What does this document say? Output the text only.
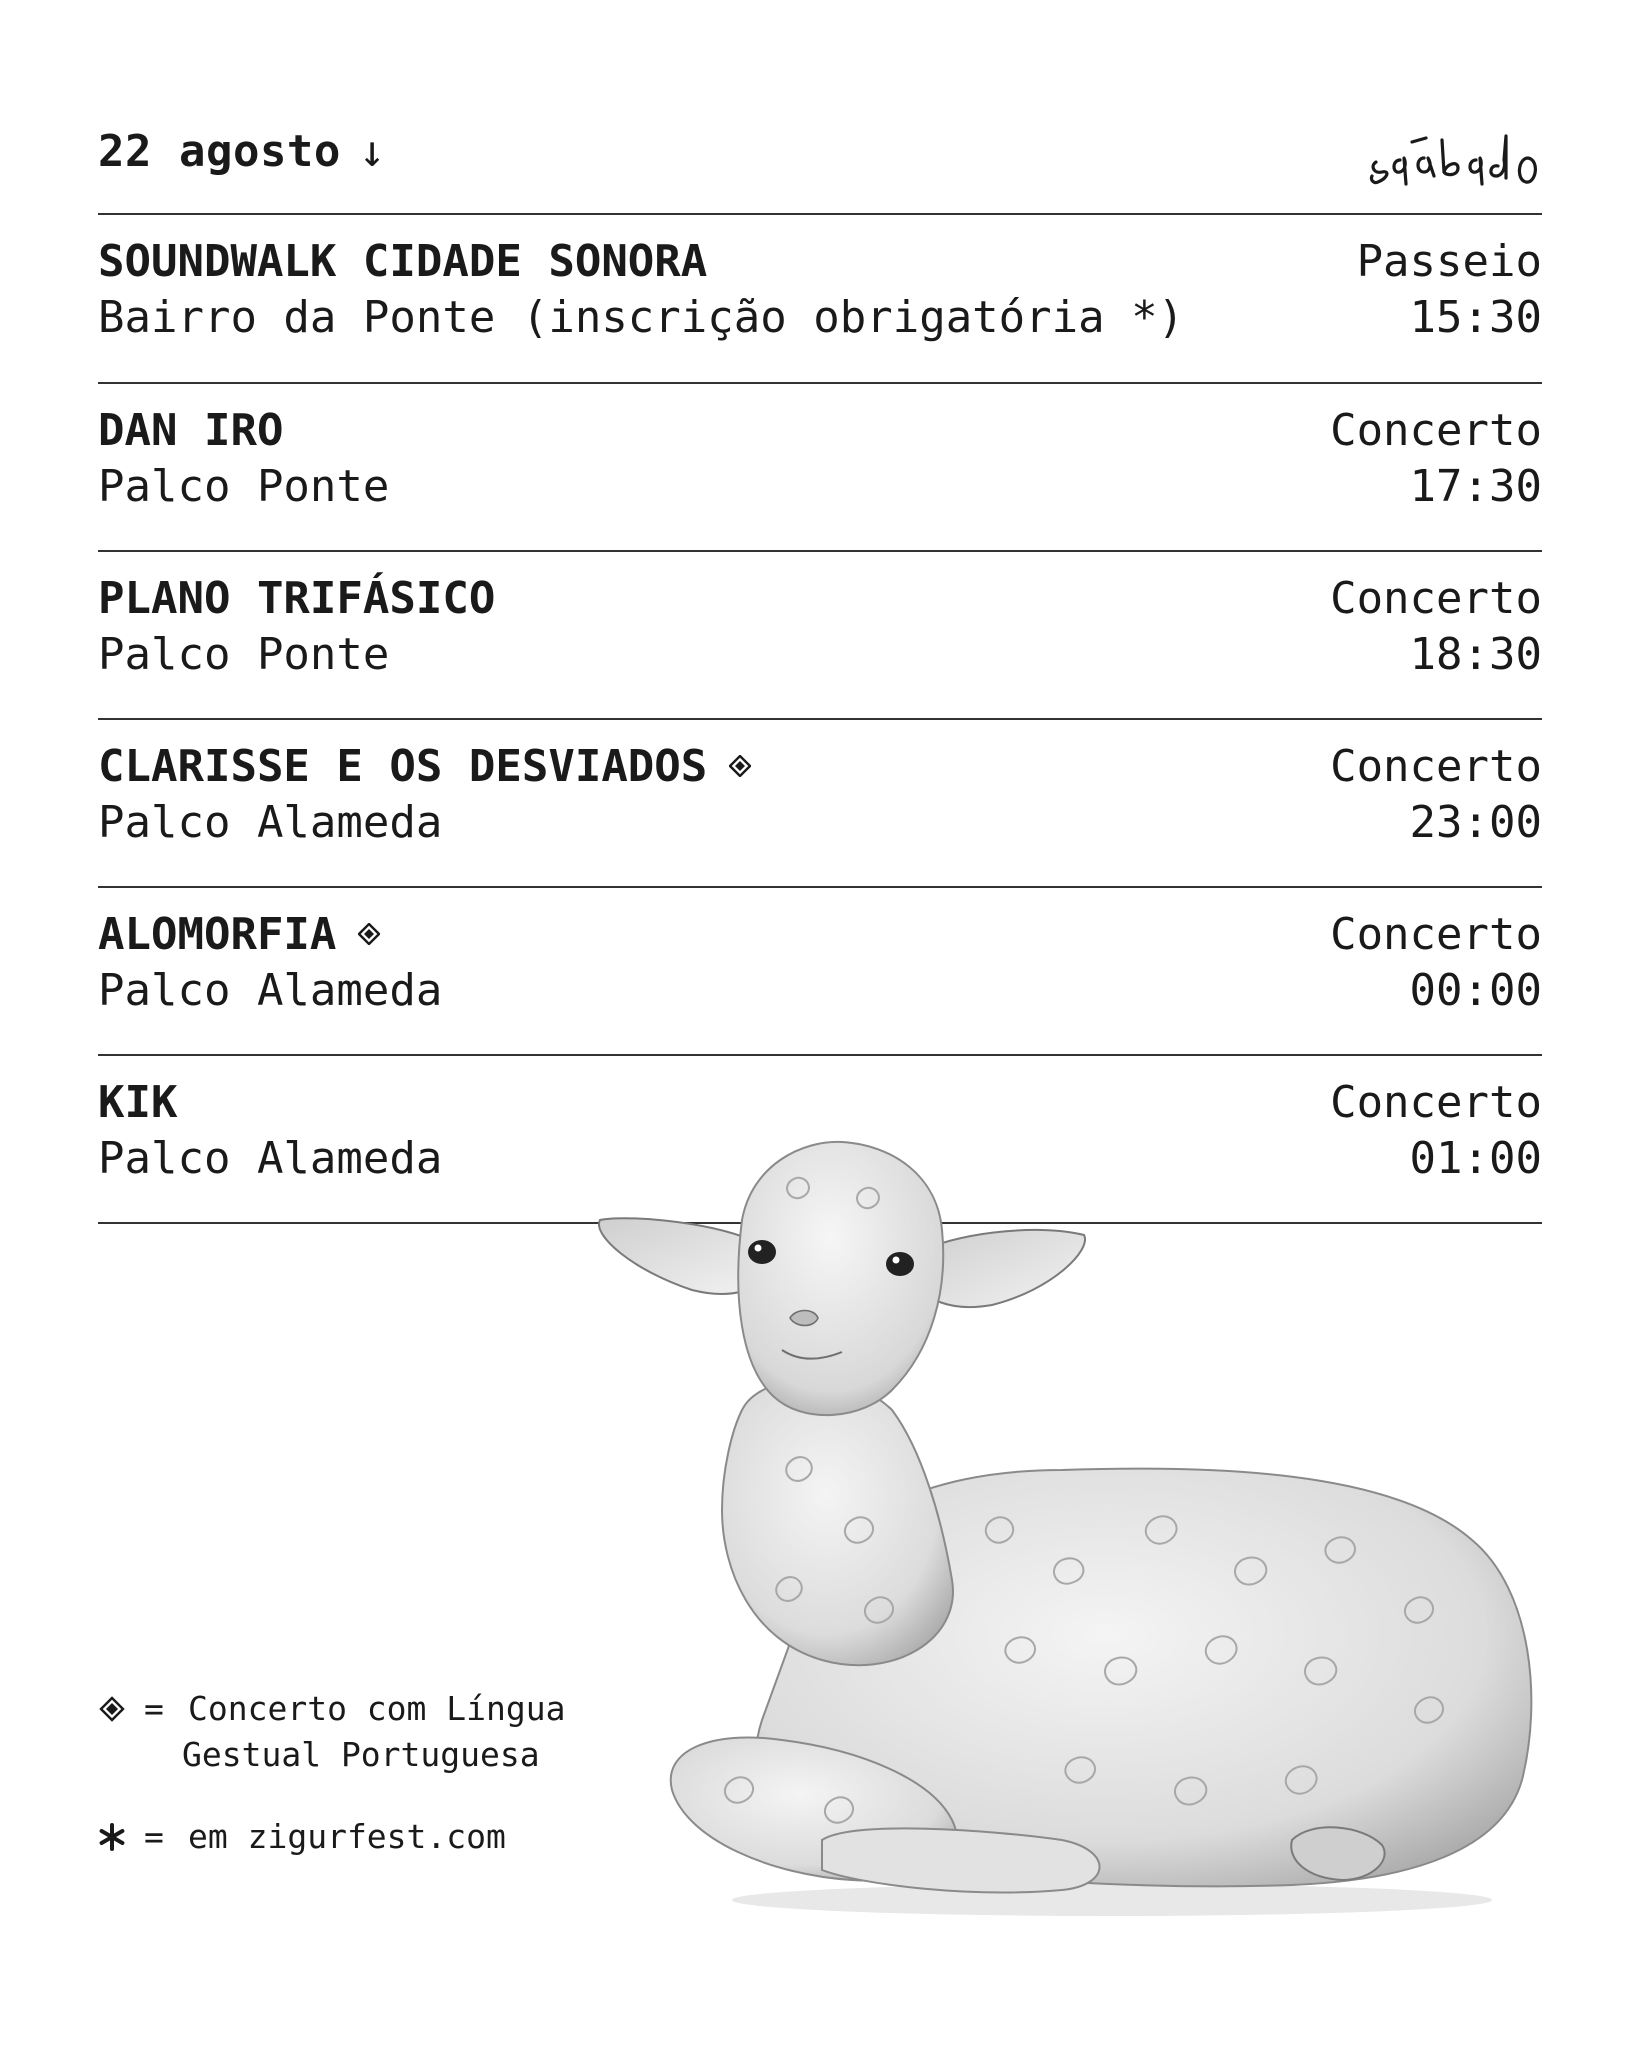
22 agosto ↓
SOUNDWALK CIDADE SONORA
Bairro da Ponte (inscrição obrigatória *)
Passeio
15:30
DAN IRO
Palco Ponte
Concerto
17:30
PLANO TRIFÁSICO
Palco Ponte
Concerto
18:30
CLARISSE E OS DESVIADOS
Palco Alameda
Concerto
23:00
ALOMORFIA
Palco Alameda
Concerto
00:00
KIK
Palco Alameda
Concerto
01:00
= Concerto com Língua
Gestual Portuguesa
= em zigurfest.com
